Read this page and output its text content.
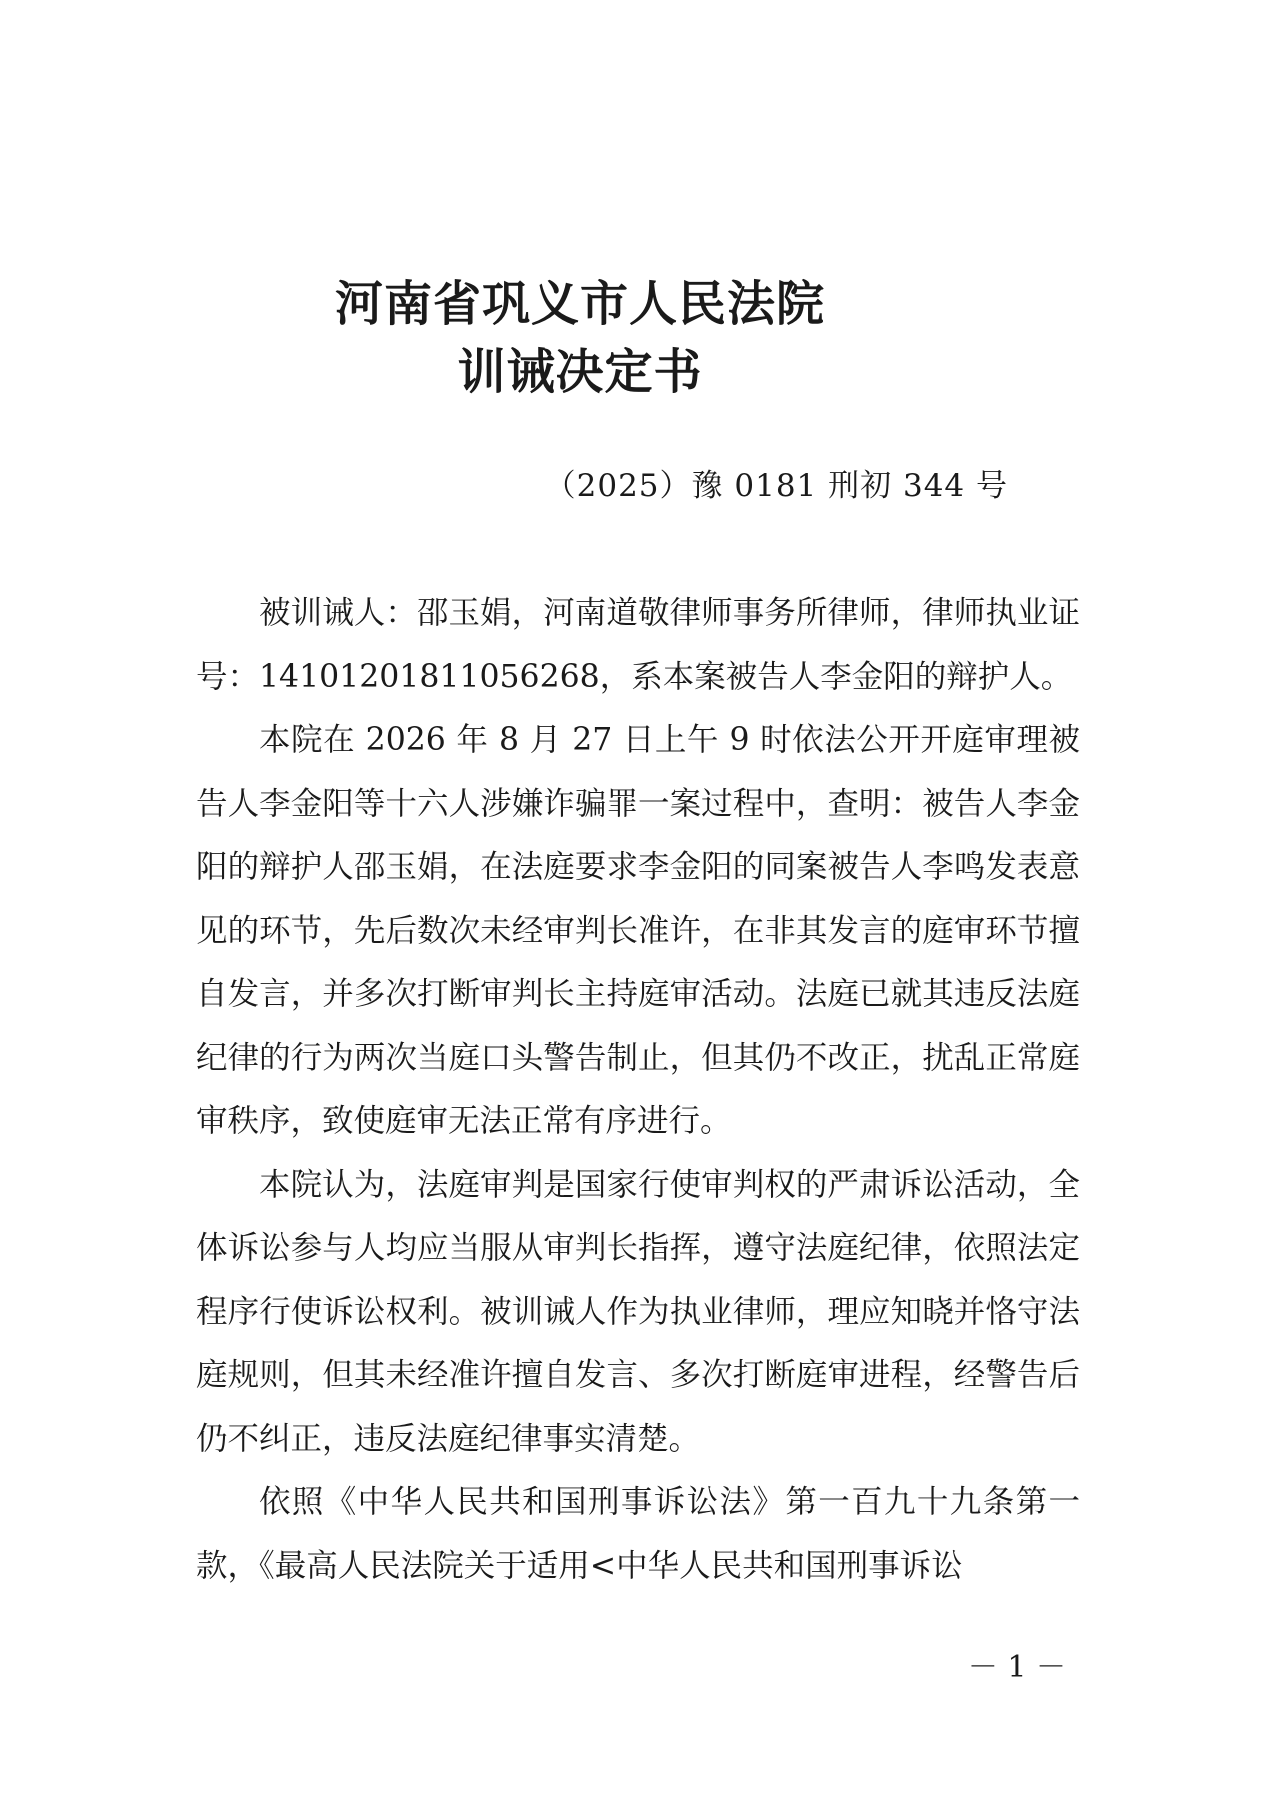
河南省巩义市人民法院
训诫决定书
（2025）豫 0181 刑初 344 号

被训诫人：邵玉娟，河南道敬律师事务所律师，律师执业证号：14101201811056268，系本案被告人李金阳的辩护人。

本院在 2026 年 8 月 27 日上午 9 时依法公开开庭审理被告人李金阳等十六人涉嫌诈骗罪一案过程中，查明：被告人李金阳的辩护人邵玉娟，在法庭要求李金阳的同案被告人李鸣发表意见的环节，先后数次未经审判长准许，在非其发言的庭审环节擅自发言，并多次打断审判长主持庭审活动。法庭已就其违反法庭纪律的行为两次当庭口头警告制止，但其仍不改正，扰乱正常庭审秩序，致使庭审无法正常有序进行。

本院认为，法庭审判是国家行使审判权的严肃诉讼活动，全体诉讼参与人均应当服从审判长指挥，遵守法庭纪律，依照法定程序行使诉讼权利。被训诫人作为执业律师，理应知晓并恪守法庭规则，但其未经准许擅自发言、多次打断庭审进程，经警告后仍不纠正，违反法庭纪律事实清楚。

依照《中华人民共和国刑事诉讼法》第一百九十九条第一款，《最高人民法院关于适用<中华人民共和国刑事诉讼

－ 1 －
